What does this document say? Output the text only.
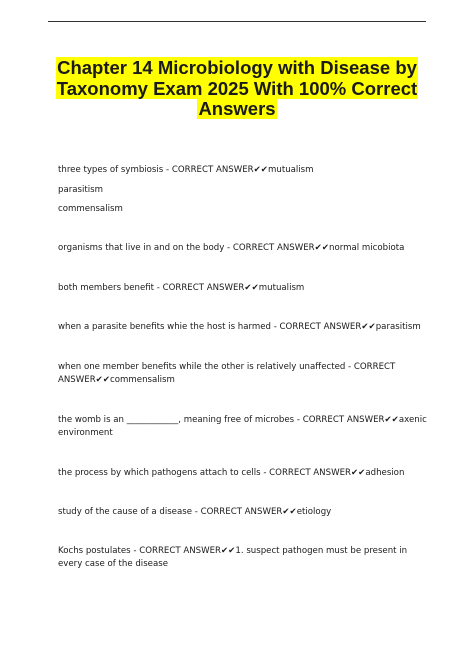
Chapter 14 Microbiology with Disease by Taxonomy Exam 2025 With 100% Correct Answers

three types of symbiosis - CORRECT ANSWER✔✔mutualism

parasitism

commensalism

organisms that live in and on the body - CORRECT ANSWER✔✔normal micobiota

both members benefit - CORRECT ANSWER✔✔mutualism

when a parasite benefits whie the host is harmed - CORRECT ANSWER✔✔parasitism

when one member benefits while the other is relatively unaffected - CORRECT ANSWER✔✔commensalism

the womb is an ____________, meaning free of microbes - CORRECT ANSWER✔✔axenic environment

the process by which pathogens attach to cells - CORRECT ANSWER✔✔adhesion

study of the cause of a disease - CORRECT ANSWER✔✔etiology

Kochs postulates - CORRECT ANSWER✔✔1. suspect pathogen must be present in every case of the disease
